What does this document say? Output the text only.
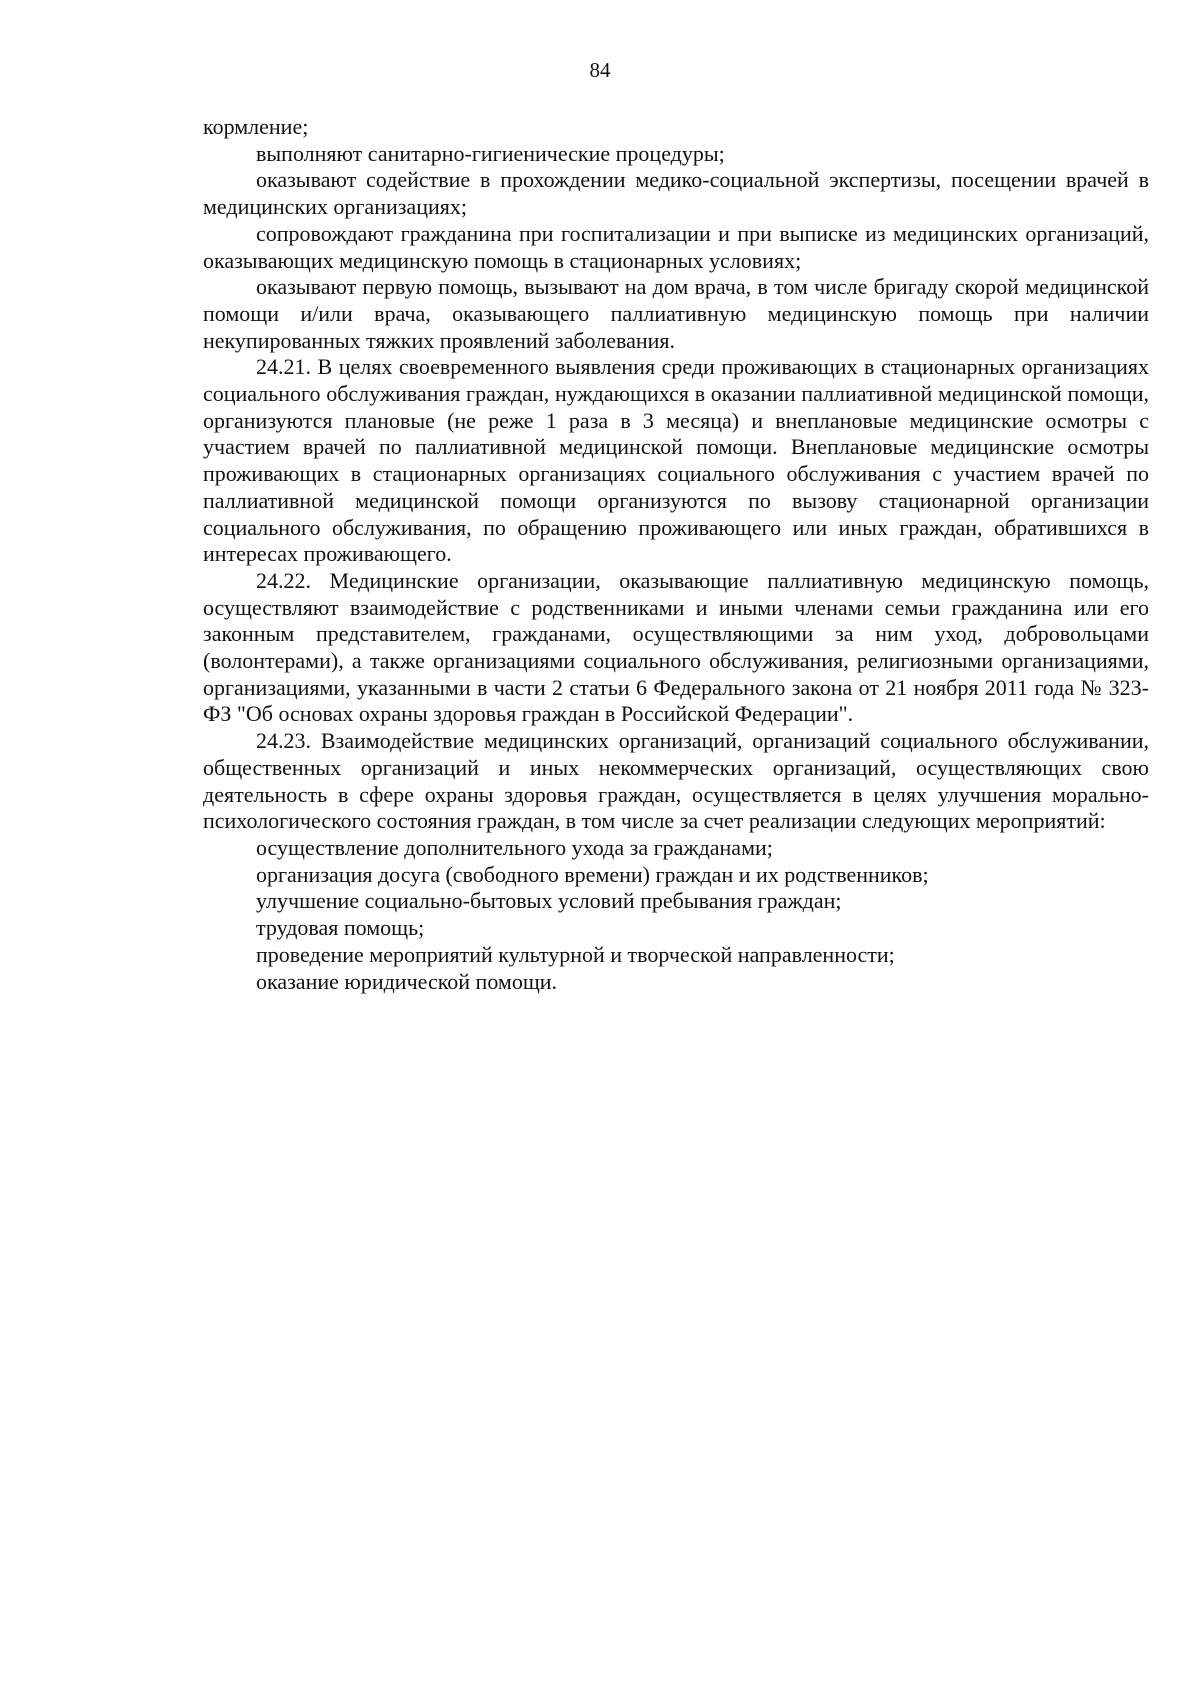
84

кормление;

выполняют санитарно-гигиенические процедуры;

оказывают содействие в прохождении медико-социальной экспертизы, посещении врачей в медицинских организациях;

сопровождают гражданина при госпитализации и при выписке из медицинских организаций, оказывающих медицинскую помощь в стационарных условиях;

оказывают первую помощь, вызывают на дом врача, в том числе бригаду скорой медицинской помощи и/или врача, оказывающего паллиативную медицинскую помощь при наличии некупированных тяжких проявлений заболевания.

24.21. В целях своевременного выявления среди проживающих в стационарных организациях социального обслуживания граждан, нуждающихся в оказании паллиативной медицинской помощи, организуются плановые (не реже 1 раза в 3 месяца) и внеплановые медицинские осмотры с участием врачей по паллиативной медицинской помощи. Внеплановые медицинские осмотры проживающих в стационарных организациях социального обслуживания с участием врачей по паллиативной медицинской помощи организуются по вызову стационарной организации социального обслуживания, по обращению проживающего или иных граждан, обратившихся в интересах проживающего.

24.22. Медицинские организации, оказывающие паллиативную медицинскую помощь, осуществляют взаимодействие с родственниками и иными членами семьи гражданина или его законным представителем, гражданами, осуществляющими за ним уход, добровольцами (волонтерами), а также организациями социального обслуживания, религиозными организациями, организациями, указанными в части 2 статьи 6 Федерального закона от 21 ноября 2011 года № 323-ФЗ "Об основах охраны здоровья граждан в Российской Федерации".

24.23. Взаимодействие медицинских организаций, организаций социального обслуживании, общественных организаций и иных некоммерческих организаций, осуществляющих свою деятельность в сфере охраны здоровья граждан, осуществляется в целях улучшения морально-психологического состояния граждан, в том числе за счет реализации следующих мероприятий:

осуществление дополнительного ухода за гражданами;

организация досуга (свободного времени) граждан и их родственников;

улучшение социально-бытовых условий пребывания граждан;

трудовая помощь;

проведение мероприятий культурной и творческой направленности;

оказание юридической помощи.
